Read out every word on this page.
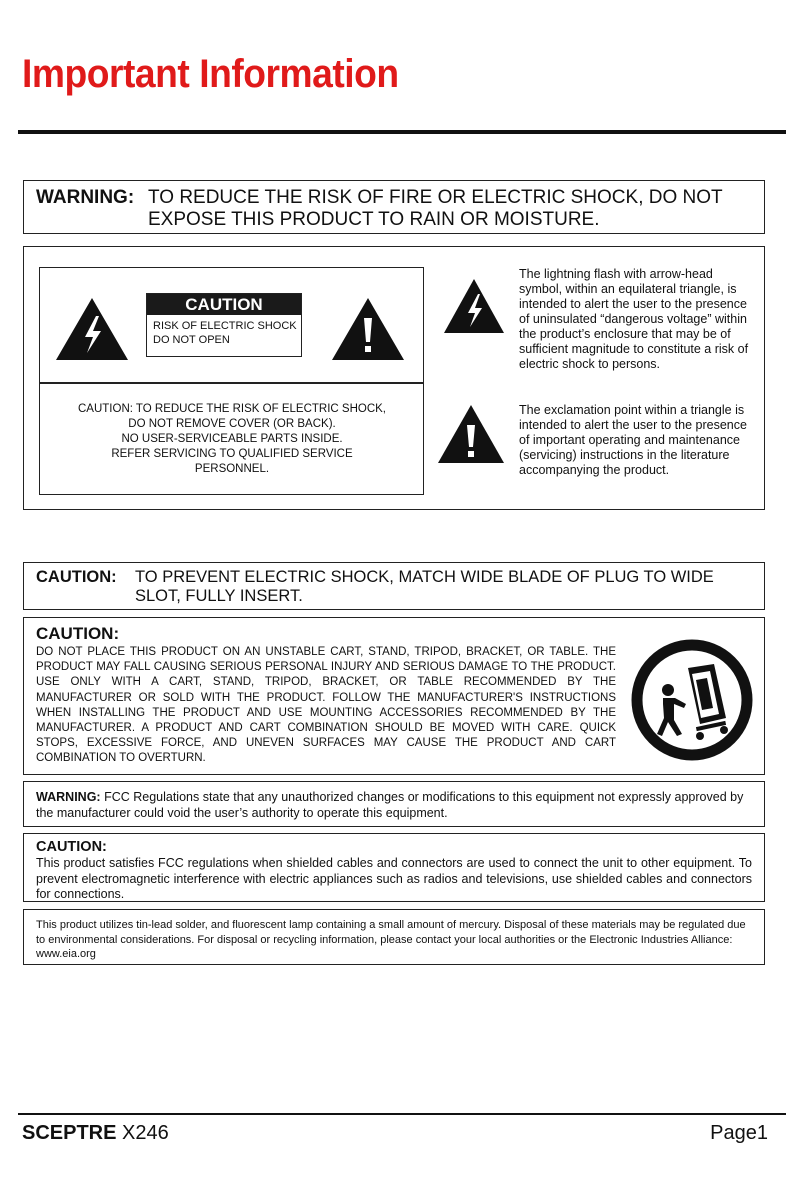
Important Information
WARNING: TO REDUCE THE RISK OF FIRE OR ELECTRIC SHOCK, DO NOT EXPOSE THIS PRODUCT TO RAIN OR MOISTURE.
CAUTION
RISK OF ELECTRIC SHOCK
DO NOT OPEN
CAUTION: TO REDUCE THE RISK OF ELECTRIC SHOCK,
DO NOT REMOVE COVER (OR BACK).
NO USER-SERVICEABLE PARTS INSIDE.
REFER SERVICING TO QUALIFIED SERVICE
PERSONNEL.
The lightning flash with arrow-head symbol, within an equilateral triangle, is intended to alert the user to the presence of uninsulated “dangerous voltage” within the product’s enclosure that may be of sufficient magnitude to constitute a risk of electric shock to persons.
The exclamation point within a triangle is intended to alert the user to the presence of important operating and maintenance (servicing) instructions in the literature accompanying the product.
CAUTION: TO PREVENT ELECTRIC SHOCK, MATCH WIDE BLADE OF PLUG TO WIDE SLOT, FULLY INSERT.
CAUTION:
DO NOT PLACE THIS PRODUCT ON AN UNSTABLE CART, STAND, TRIPOD, BRACKET, OR TABLE. THE PRODUCT MAY FALL CAUSING SERIOUS PERSONAL INJURY AND SERIOUS DAMAGE TO THE PRODUCT. USE ONLY WITH A CART, STAND, TRIPOD, BRACKET, OR TABLE RECOMMENDED BY THE MANUFACTURER OR SOLD WITH THE PRODUCT. FOLLOW THE MANUFACTURER'S INSTRUCTIONS WHEN INSTALLING THE PRODUCT AND USE MOUNTING ACCESSORIES RECOMMENDED BY THE MANUFACTURER. A PRODUCT AND CART COMBINATION SHOULD BE MOVED WITH CARE. QUICK STOPS, EXCESSIVE FORCE, AND UNEVEN SURFACES MAY CAUSE THE PRODUCT AND CART COMBINATION TO OVERTURN.
WARNING: FCC Regulations state that any unauthorized changes or modifications to this equipment not expressly approved by the manufacturer could void the user’s authority to operate this equipment.
CAUTION:
This product satisfies FCC regulations when shielded cables and connectors are used to connect the unit to other equipment. To prevent electromagnetic interference with electric appliances such as radios and televisions, use shielded cables and connectors for connections.
This product utilizes tin-lead solder, and fluorescent lamp containing a small amount of mercury. Disposal of these materials may be regulated due to environmental considerations. For disposal or recycling information, please contact your local authorities or the Electronic Industries Alliance: www.eia.org
SCEPTRE X246	Page1
